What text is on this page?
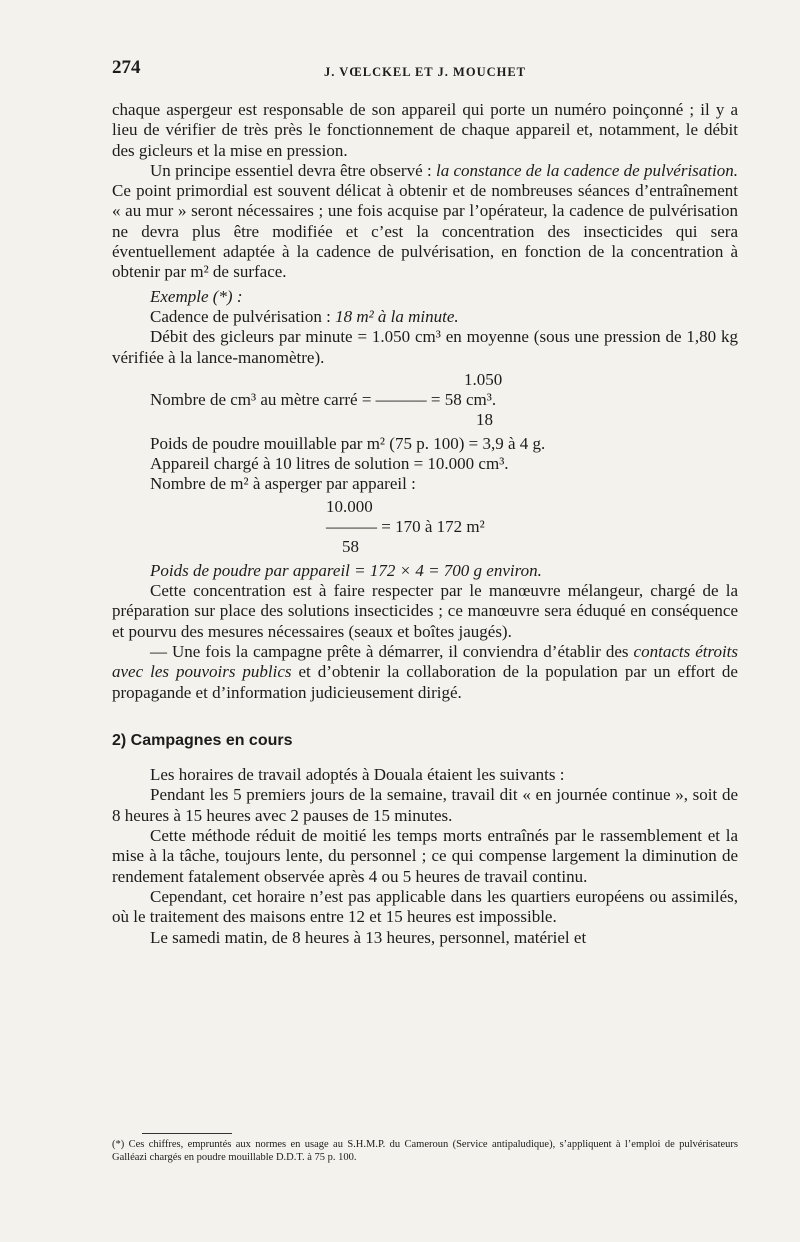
274	J. VŒLCKEL ET J. MOUCHET

chaque aspergeur est responsable de son appareil qui porte un numéro poinçonné ; il y a lieu de vérifier de très près le fonctionnement de chaque appareil et, notamment, le débit des gicleurs et la mise en pression.

Un principe essentiel devra être observé : la constance de la cadence de pulvérisation. Ce point primordial est souvent délicat à obtenir et de nombreuses séances d’entraînement « au mur » seront nécessaires ; une fois acquise par l’opérateur, la cadence de pulvérisation ne devra plus être modifiée et c’est la concentration des insecticides qui sera éventuellement adaptée à la cadence de pulvérisation, en fonction de la concentration à obtenir par m² de surface.

Exemple (*) :

Cadence de pulvérisation : 18 m² à la minute.

Débit des gicleurs par minute = 1.050 cm³ en moyenne (sous une pression de 1,80 kg vérifiée à la lance-manomètre).

1.050
Nombre de cm³ au mètre carré = ——— = 58 cm³.
18

Poids de poudre mouillable par m² (75 p. 100) = 3,9 à 4 g.

Appareil chargé à 10 litres de solution = 10.000 cm³.

Nombre de m² à asperger par appareil :

10.000
——— = 170 à 172 m²
58

Poids de poudre par appareil = 172 × 4 = 700 g environ.

Cette concentration est à faire respecter par le manœuvre mélangeur, chargé de la préparation sur place des solutions insecticides ; ce manœuvre sera éduqué en conséquence et pourvu des mesures nécessaires (seaux et boîtes jaugés).

— Une fois la campagne prête à démarrer, il conviendra d’établir des contacts étroits avec les pouvoirs publics et d’obtenir la collaboration de la population par un effort de propagande et d’information judicieusement dirigé.

2) Campagnes en cours

Les horaires de travail adoptés à Douala étaient les suivants :

Pendant les 5 premiers jours de la semaine, travail dit « en journée continue », soit de 8 heures à 15 heures avec 2 pauses de 15 minutes.

Cette méthode réduit de moitié les temps morts entraînés par le rassemblement et la mise à la tâche, toujours lente, du personnel ; ce qui compense largement la diminution de rendement fatalement observée après 4 ou 5 heures de travail continu.

Cependant, cet horaire n’est pas applicable dans les quartiers européens ou assimilés, où le traitement des maisons entre 12 et 15 heures est impossible.

Le samedi matin, de 8 heures à 13 heures, personnel, matériel et

(*) Ces chiffres, empruntés aux normes en usage au S.H.M.P. du Cameroun (Service antipaludique), s’appliquent à l’emploi de pulvérisateurs Galléazi chargés en poudre mouillable D.D.T. à 75 p. 100.
